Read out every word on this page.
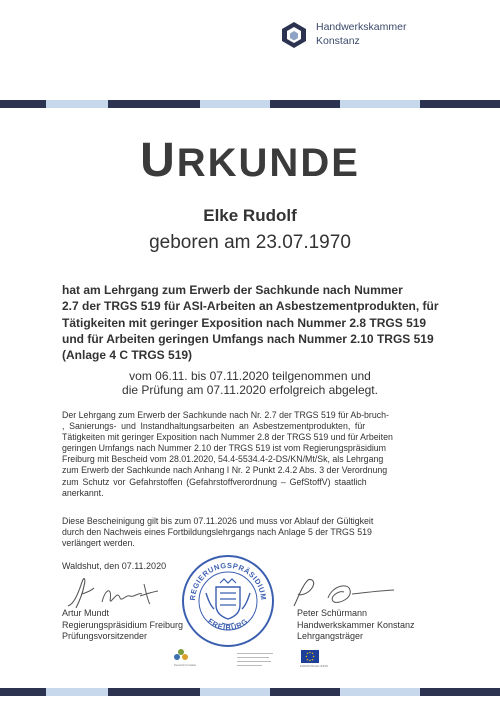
Handwerkskammer
Konstanz
URKUNDE
Elke Rudolf
geboren am 23.07.1970
hat am Lehrgang zum Erwerb der Sachkunde nach Nummer
2.7 der TRGS 519 für ASI-Arbeiten an Asbestzementprodukten, für
Tätigkeiten mit geringer Exposition nach Nummer 2.8 TRGS 519
und für Arbeiten geringen Umfangs nach Nummer 2.10 TRGS 519
(Anlage 4 C TRGS 519)
vom 06.11. bis 07.11.2020 teilgenommen und
die Prüfung am 07.11.2020 erfolgreich abgelegt.
Der Lehrgang zum Erwerb der Sachkunde nach Nr. 2.7 der TRGS 519 für Ab-bruch-
, Sanierungs- und Instandhaltungsarbeiten an Asbestzementprodukten, für
Tätigkeiten mit geringer Exposition nach Nummer 2.8 der TRGS 519 und für Arbeiten
geringen Umfangs nach Nummer 2.10 der TRGS 519 ist vom Regierungspräsidium
Freiburg mit Bescheid vom 28.01.2020, 54.4-5534.4-2-DS/KN/Mt/Sk, als Lehrgang
zum Erwerb der Sachkunde nach Anhang I Nr. 2 Punkt 2.4.2 Abs. 3 der Verordnung
zum Schutz vor Gefahrstoffen (Gefahrstoffverordnung – GefStoffV) staatlich
anerkannt.
Diese Bescheinigung gilt bis zum 07.11.2026 und muss vor Ablauf der Gültigkeit
durch den Nachweis eines Fortbildungslehrgangs nach Anlage 5 der TRGS 519
verlängert werden.
Waldshut, den 07.11.2020
Artur Mundt
Regierungspräsidium Freiburg
Prüfungsvorsitzender
Peter Schürmann
Handwerkskammer Konstanz
Lehrgangsträger
REGIERUNGSPRÄSIDIUM
FREIBURG
Deutsche Kontakte	EUROPÄISCHE UNION
